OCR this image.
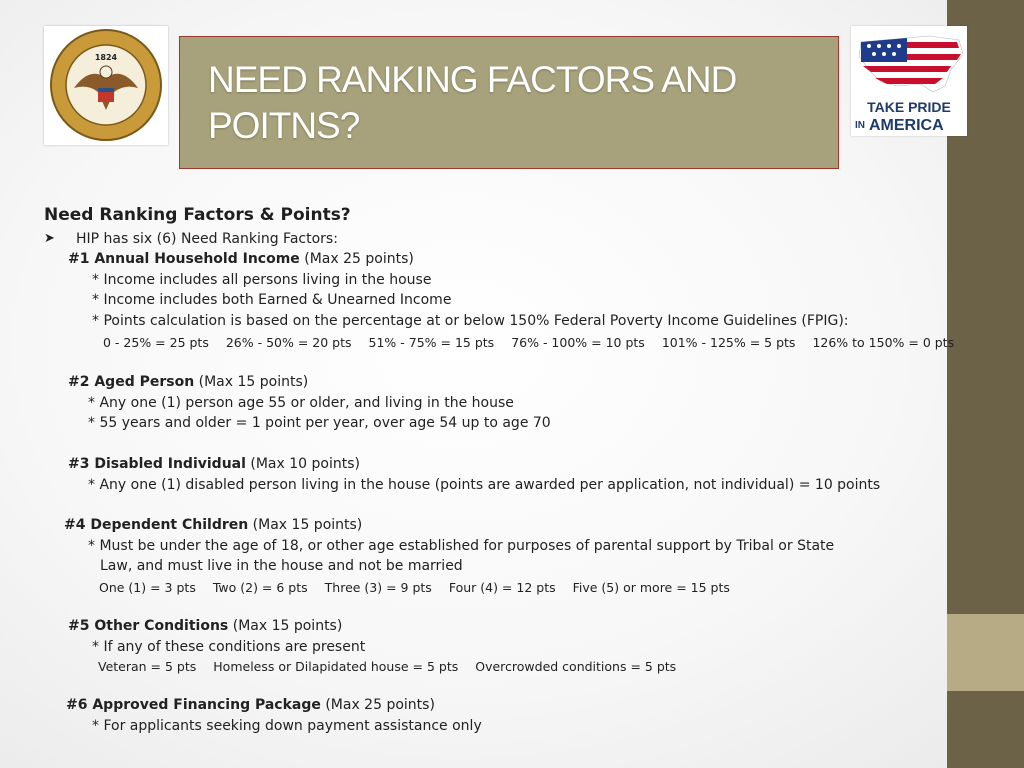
1824
NEED RANKING FACTORS AND
POITNS?	TAKE PRIDE
IN AMERICA
Need Ranking Factors & Points?
➤ HIP has six (6) Need Ranking Factors:
#1 Annual Household Income (Max 25 points)
* Income includes all persons living in the house
* Income includes both Earned & Unearned Income
* Points calculation is based on the percentage at or below 150% Federal Poverty Income Guidelines (FPIG):
0 - 25% = 25 pts 26% - 50% = 20 pts 51% - 75% = 15 pts 76% - 100% = 10 pts 101% - 125% = 5 pts 126% to 150% = 0 pts
#2 Aged Person (Max 15 points)
* Any one (1) person age 55 or older, and living in the house
* 55 years and older = 1 point per year, over age 54 up to age 70
#3 Disabled Individual (Max 10 points)
* Any one (1) disabled person living in the house (points are awarded per application, not individual) = 10 points
#4 Dependent Children (Max 15 points)
* Must be under the age of 18, or other age established for purposes of parental support by Tribal or State
Law, and must live in the house and not be married
One (1) = 3 pts Two (2) = 6 pts Three (3) = 9 pts Four (4) = 12 pts Five (5) or more = 15 pts
#5 Other Conditions (Max 15 points)
* If any of these conditions are present
Veteran = 5 pts Homeless or Dilapidated house = 5 pts Overcrowded conditions = 5 pts
#6 Approved Financing Package (Max 25 points)
* For applicants seeking down payment assistance only
